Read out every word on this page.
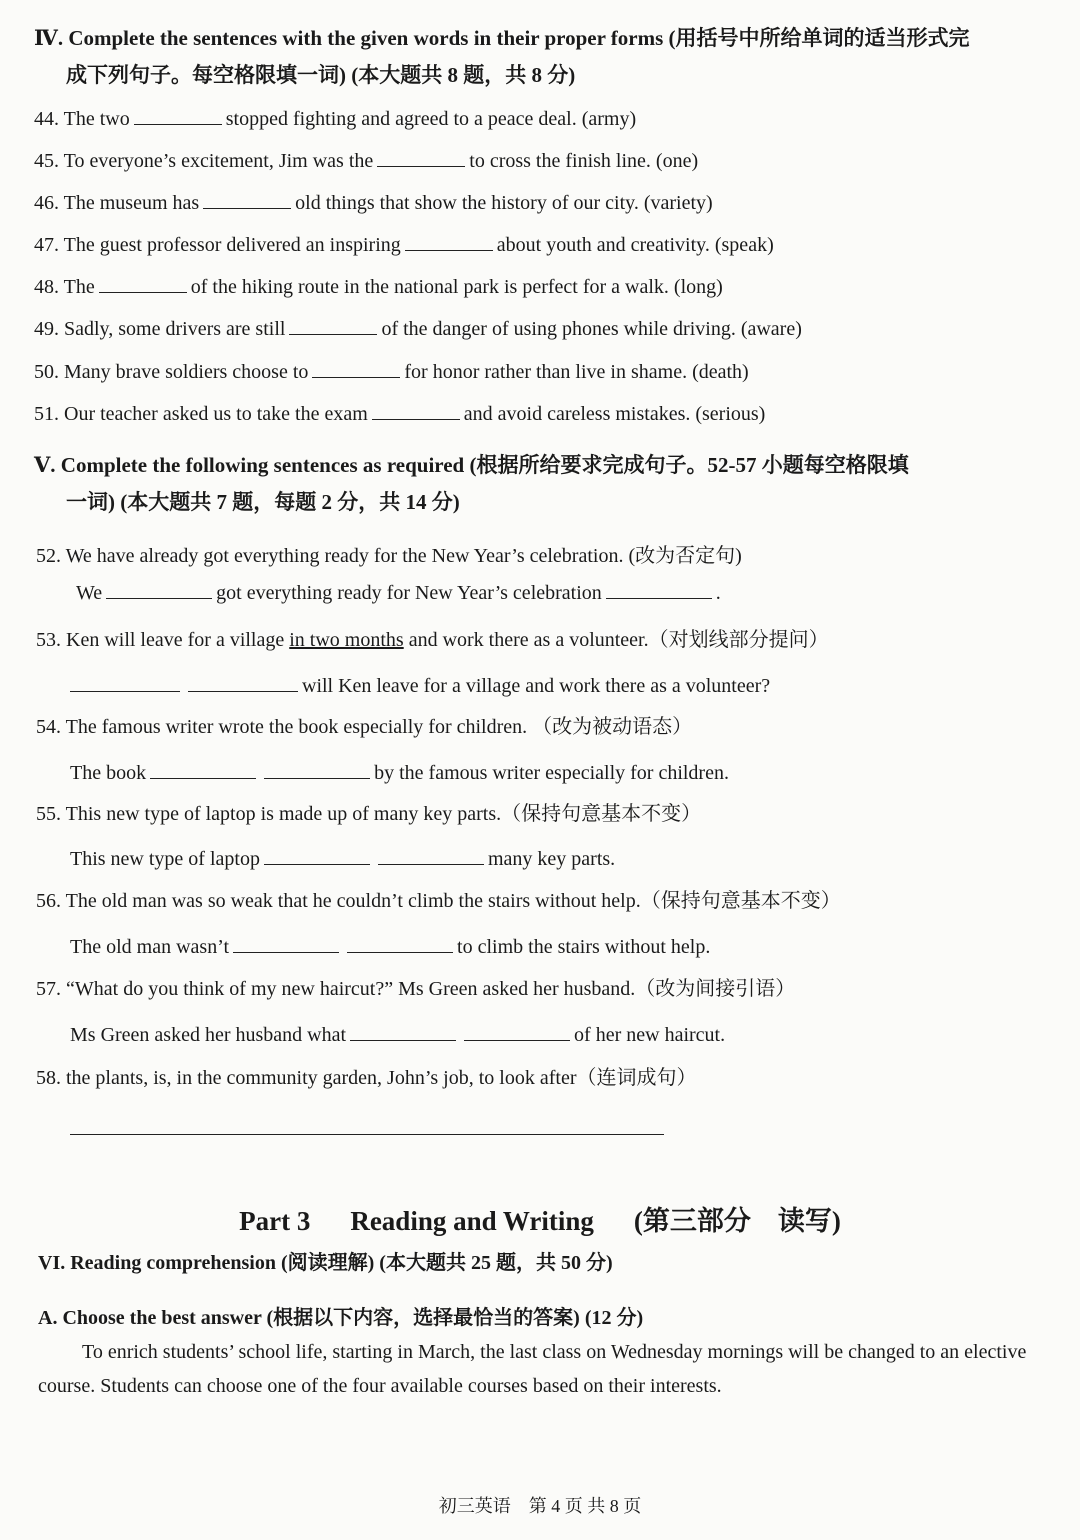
Ⅳ. Complete the sentences with the given words in their proper forms (用括号中所给单词的适当形式完
成下列句子。每空格限填一词) (本大题共 8 题，共 8 分)
44. The two	stopped fighting and agreed to a peace deal. (army)
45. To everyone’s excitement, Jim was the	to cross the finish line. (one)
46. The museum has	old things that show the history of our city. (variety)
47. The guest professor delivered an inspiring	about youth and creativity. (speak)
48. The	of the hiking route in the national park is perfect for a walk. (long)
49. Sadly, some drivers are still	of the danger of using phones while driving. (aware)
50. Many brave soldiers choose to	for honor rather than live in shame. (death)
51. Our teacher asked us to take the exam	and avoid careless mistakes. (serious)
Ⅴ. Complete the following sentences as required (根据所给要求完成句子。52-57 小题每空格限填
一词) (本大题共 7 题，每题 2 分，共 14 分)
52. We have already got everything ready for the New Year’s celebration. (改为否定句)
We	got everything ready for New Year’s celebration	.
53. Ken will leave for a village in two months and work there as a volunteer.（对划线部分提问）
will Ken leave for a village and work there as a volunteer?
54. The famous writer wrote the book especially for children. （改为被动语态）
The book	by the famous writer especially for children.
55. This new type of laptop is made up of many key parts.（保持句意基本不变）
This new type of laptop	many key parts.
56. The old man was so weak that he couldn’t climb the stairs without help.（保持句意基本不变）
The old man wasn’t	to climb the stairs without help.
57. “What do you think of my new haircut?” Ms Green asked her husband.（改为间接引语）
Ms Green asked her husband what	of her new haircut.
58. the plants, is, in the community garden, John’s job, to look after（连词成句）
Part 3 Reading and Writing (第三部分　读写)
VI. Reading comprehension (阅读理解) (本大题共 25 题，共 50 分)
A. Choose the best answer (根据以下内容，选择最恰当的答案) (12 分)
To enrich students’ school life, starting in March, the last class on Wednesday mornings will be changed to an elective course. Students can choose one of the four available courses based on their interests.
初三英语　第 4 页 共 8 页
